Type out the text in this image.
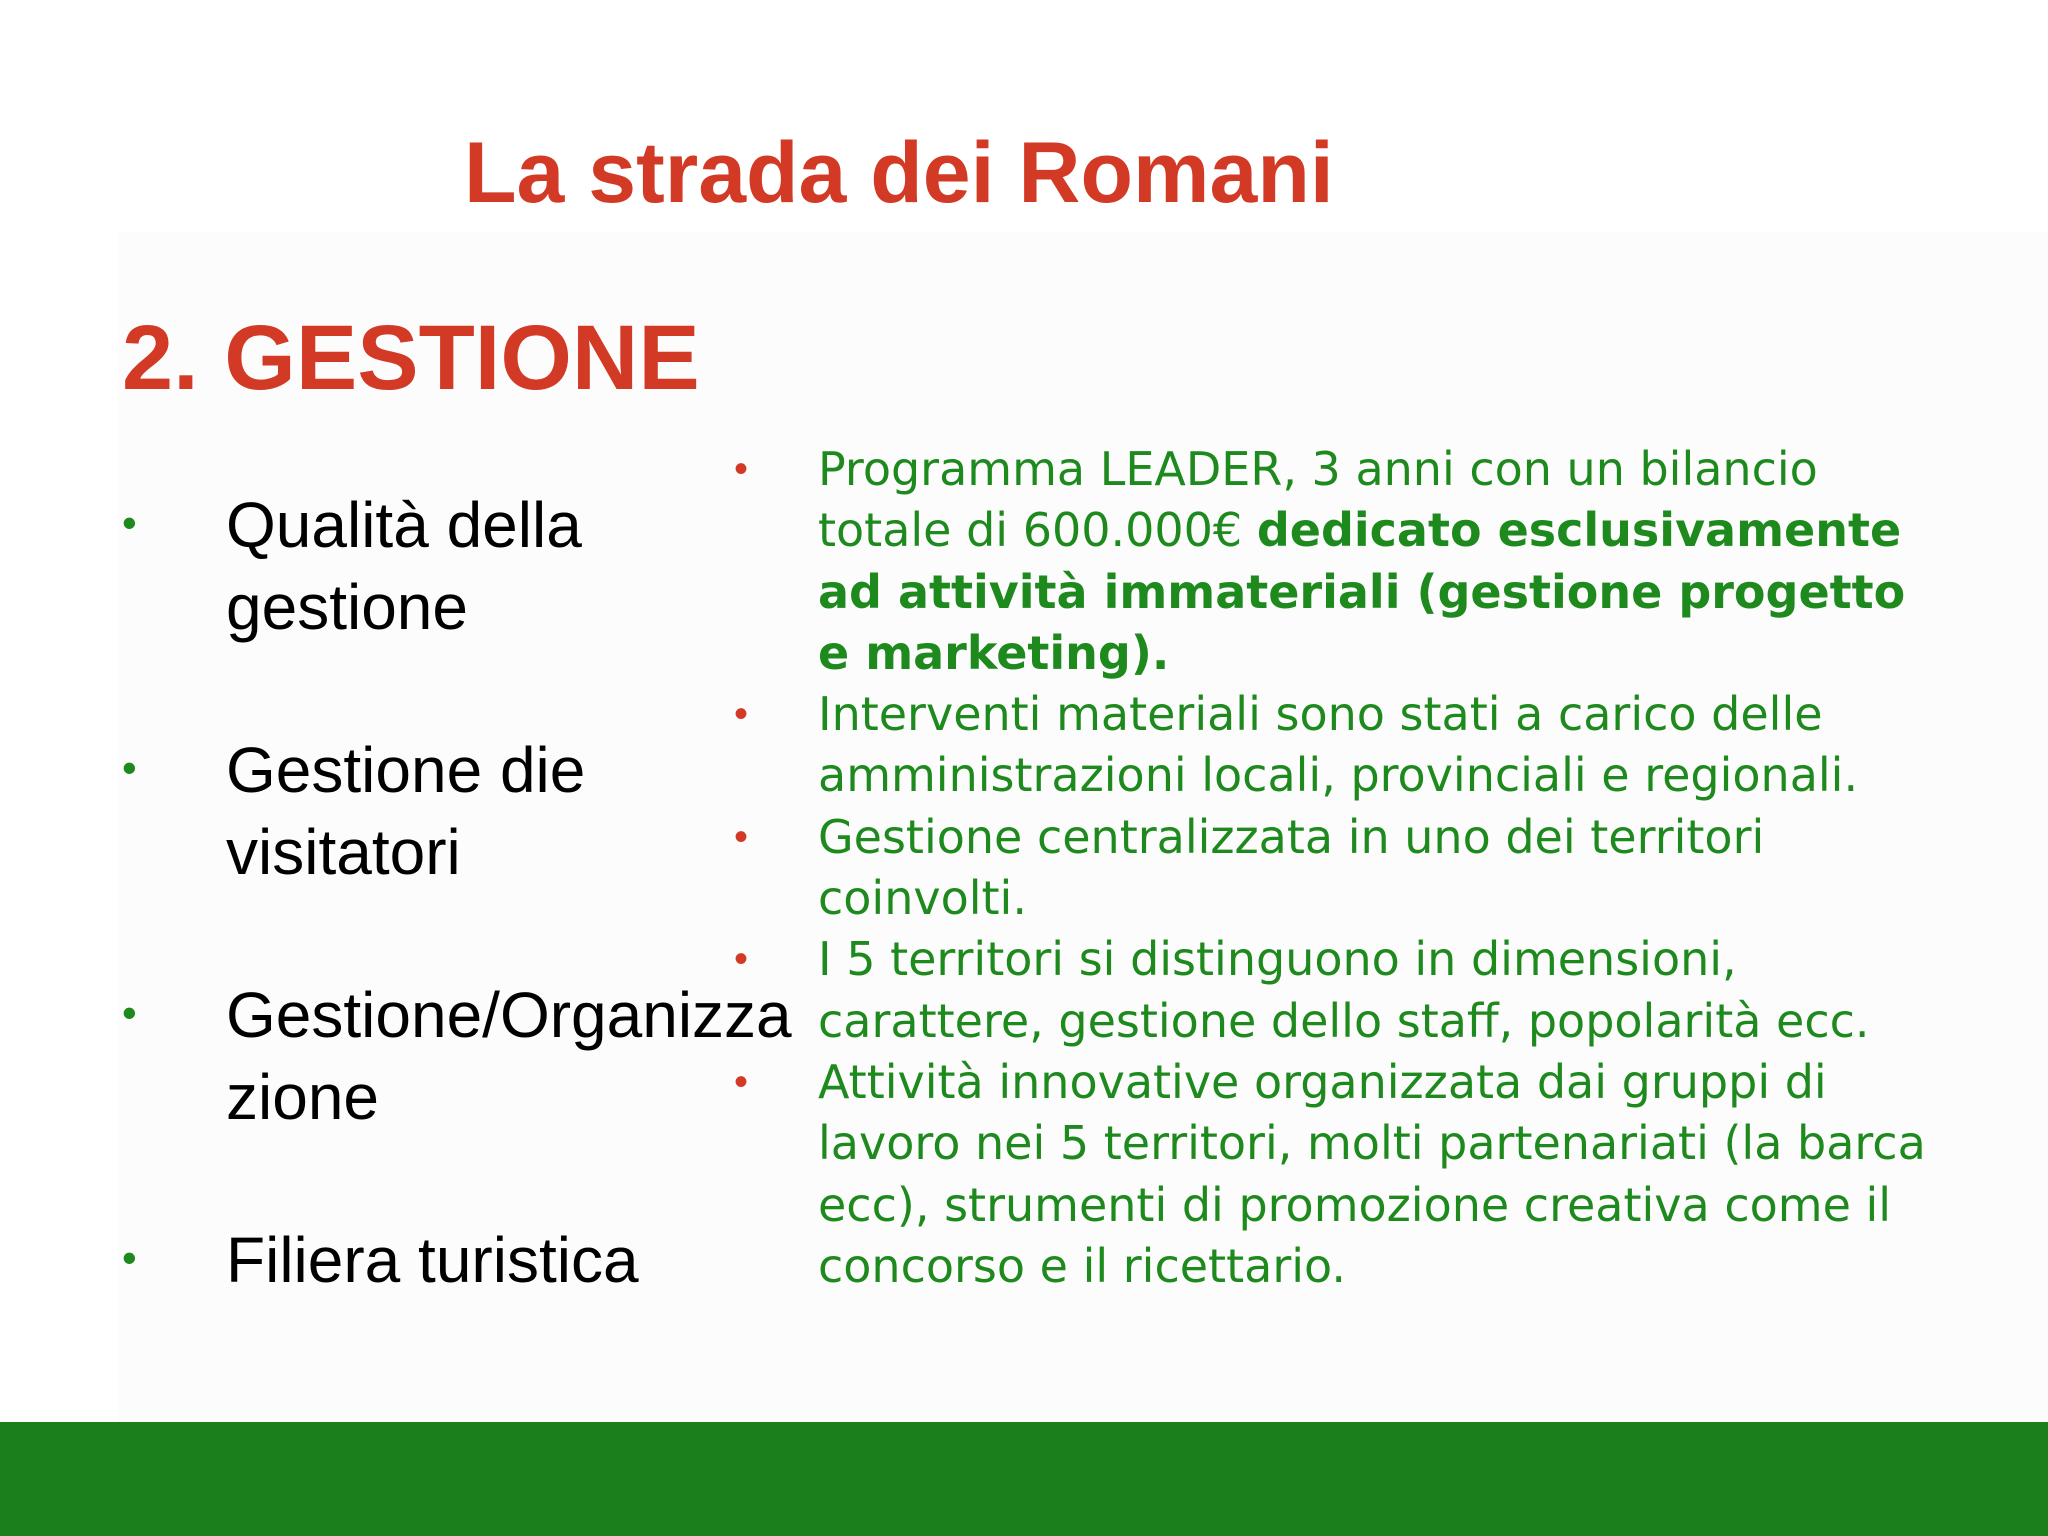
La strada dei Romani
2. GESTIONE
• Qualità della
gestione
• Gestione die
visitatori
• Gestione/Organizza
zione
• Filiera turistica
• Programma LEADER, 3 anni con un bilancio
totale di 600.000€ dedicato esclusivamente
ad attività immateriali (gestione progetto
e marketing).
• Interventi materiali sono stati a carico delle
amministrazioni locali, provinciali e regionali.
• Gestione centralizzata in uno dei territori
coinvolti.
• I 5 territori si distinguono in dimensioni,
carattere, gestione dello staff, popolarità ecc.
• Attività innovative organizzata dai gruppi di
lavoro nei 5 territori, molti partenariati (la barca
ecc), strumenti di promozione creativa come il
concorso e il ricettario.
